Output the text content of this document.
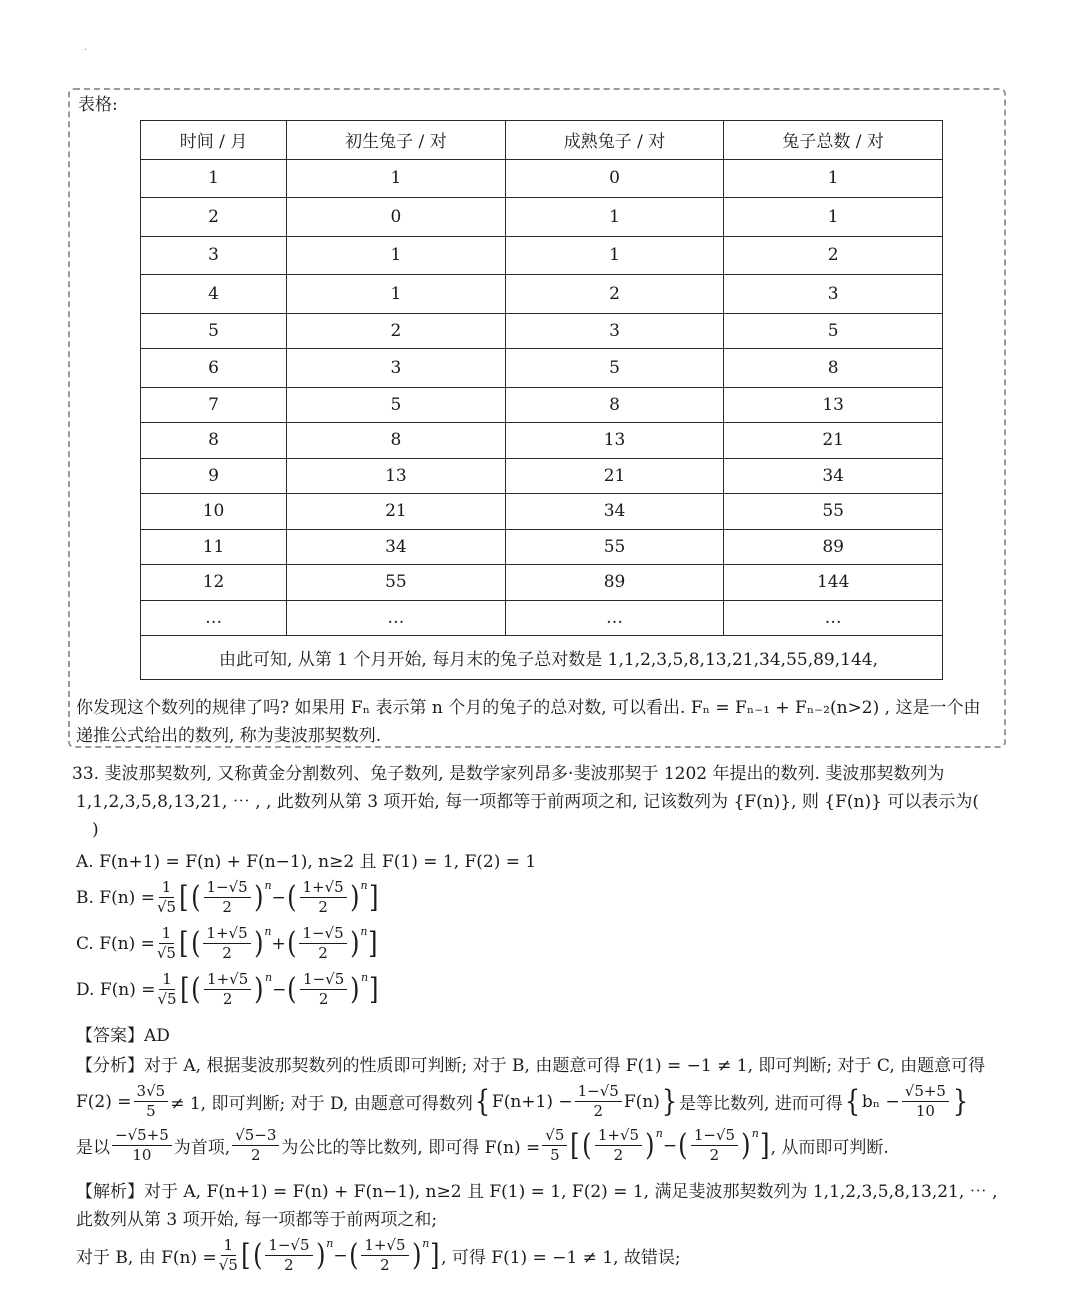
.
表格:
时间 / 月	初生兔子 / 对	成熟兔子 / 对	兔子总数 / 对
1	1	0	1
2	0	1	1
3	1	1	2
4	1	2	3
5	2	3	5
6	3	5	8
7	5	8	13
8	8	13	21
9	13	21	34
10	21	34	55
11	34	55	89
12	55	89	144
…	…	…	…
由此可知, 从第 1 个月开始, 每月末的兔子总对数是 1,1,2,3,5,8,13,21,34,55,89,144,			
你发现这个数列的规律了吗? 如果用 Fₙ 表示第 n 个月的兔子的总对数, 可以看出. Fₙ = Fₙ₋₁ + Fₙ₋₂(n>2) , 这是一个由
递推公式给出的数列, 称为斐波那契数列.
33. 斐波那契数列, 又称黄金分割数列、兔子数列, 是数学家列昂多·斐波那契于 1202 年提出的数列. 斐波那契数列为
1,1,2,3,5,8,13,21, ⋯ , , 此数列从第 3 项开始, 每一项都等于前两项之和, 记该数列为 {F(n)}, 则 {F(n)} 可以表示为(
)
A. F(n+1) = F(n) + F(n−1), n≥2 且 F(1) = 1, F(2) = 1
B. $F(n) = \frac{1}{√5}$ [ ( $\frac{1-√5}{2}$ ) n
− ( $\frac{1+√5}{2}$ ) n ]
C. $F(n) = \frac{1}{√5}$ [ ( $\frac{1+√5}{2}$ ) n
+ ( $\frac{1-√5}{2}$ ) n ]
D. $F(n) = \frac{1}{√5}$ [ ( $\frac{1+√5}{2}$ ) n
− ( $\frac{1-√5}{2}$ ) n ]
【答案】AD
【分析】对于 A, 根据斐波那契数列的性质即可判断; 对于 B, 由题意可得 F(1) = −1 ≠ 1, 即可判断; 对于 C, 由题意可得
$F(2) = \frac{3√5}{5} \ne 1$, 即可判断; 对于 D, 由题意可得数列 { $F(n+1) - \frac{1-√5}{2} F(n)$ } 是等比数列, 进而可得 { $b_n - \frac{√5+5}{10}$ }
是以 $\frac{-√5+5}{10}$ 为首项, $\frac{√5-3}{2}$ 为公比的等比数列, 即可得 $F(n) = \frac{√5}{5}$ [ ( $\frac{1+√5}{2}$ ) n
− ( $\frac{1-√5}{2}$ ) n ] , 从而即可判断.
【解析】对于 A, F(n+1) = F(n) + F(n−1), n≥2 且 F(1) = 1, F(2) = 1, 满足斐波那契数列为 1,1,2,3,5,8,13,21, ⋯ ,
此数列从第 3 项开始, 每一项都等于前两项之和;
对于 B, 由 $F(n) = \frac{1}{√5}$ [ ( $\frac{1-√5}{2}$ ) n
− ( $\frac{1+√5}{2}$ ) n ] , 可得 F(1) = −1 ≠ 1, 故错误;
